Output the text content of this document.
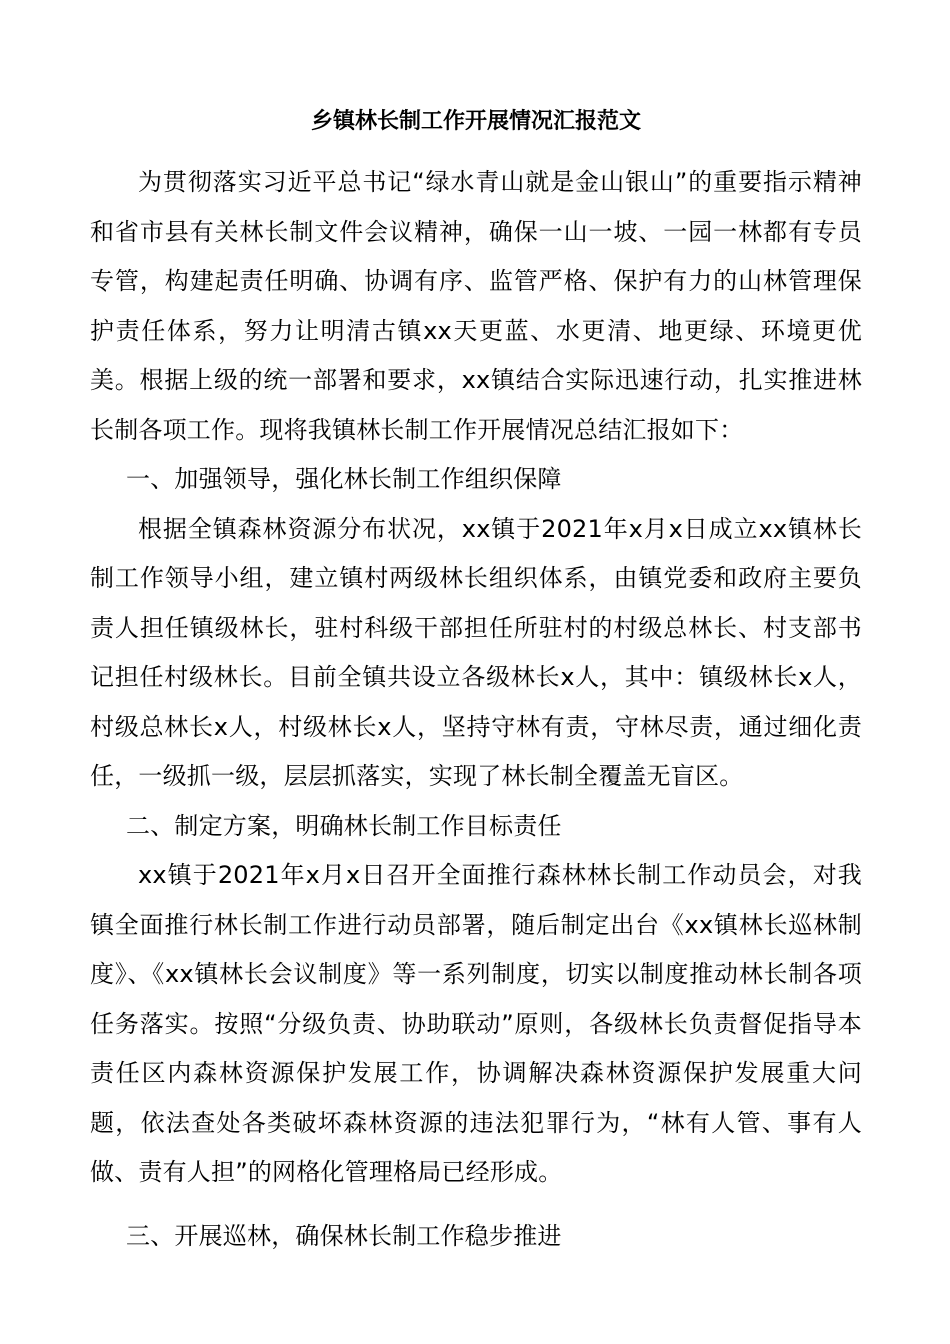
乡镇林长制工作开展情况汇报范文

为贯彻落实习近平总书记“绿水青山就是金山银山”的重要指示精神和省市县有关林长制文件会议精神，确保一山一坡、一园一林都有专员专管，构建起责任明确、协调有序、监管严格、保护有力的山林管理保护责任体系，努力让明清古镇xx天更蓝、水更清、地更绿、环境更优美。根据上级的统一部署和要求，xx镇结合实际迅速行动，扎实推进林长制各项工作。现将我镇林长制工作开展情况总结汇报如下：

一、加强领导，强化林长制工作组织保障

根据全镇森林资源分布状况，xx镇于2021年x月x日成立xx镇林长制工作领导小组，建立镇村两级林长组织体系，由镇党委和政府主要负责人担任镇级林长，驻村科级干部担任所驻村的村级总林长、村支部书记担任村级林长。目前全镇共设立各级林长x人，其中：镇级林长x人，村级总林长x人，村级林长x人，坚持守林有责，守林尽责，通过细化责任，一级抓一级，层层抓落实，实现了林长制全覆盖无盲区。

二、制定方案，明确林长制工作目标责任

xx镇于2021年x月x日召开全面推行森林林长制工作动员会，对我镇全面推行林长制工作进行动员部署，随后制定出台《xx镇林长巡林制度》、《xx镇林长会议制度》等一系列制度，切实以制度推动林长制各项任务落实。按照“分级负责、协助联动”原则，各级林长负责督促指导本责任区内森林资源保护发展工作，协调解决森林资源保护发展重大问题，依法查处各类破坏森林资源的违法犯罪行为，“林有人管、事有人做、责有人担”的网格化管理格局已经形成。

三、开展巡林，确保林长制工作稳步推进
